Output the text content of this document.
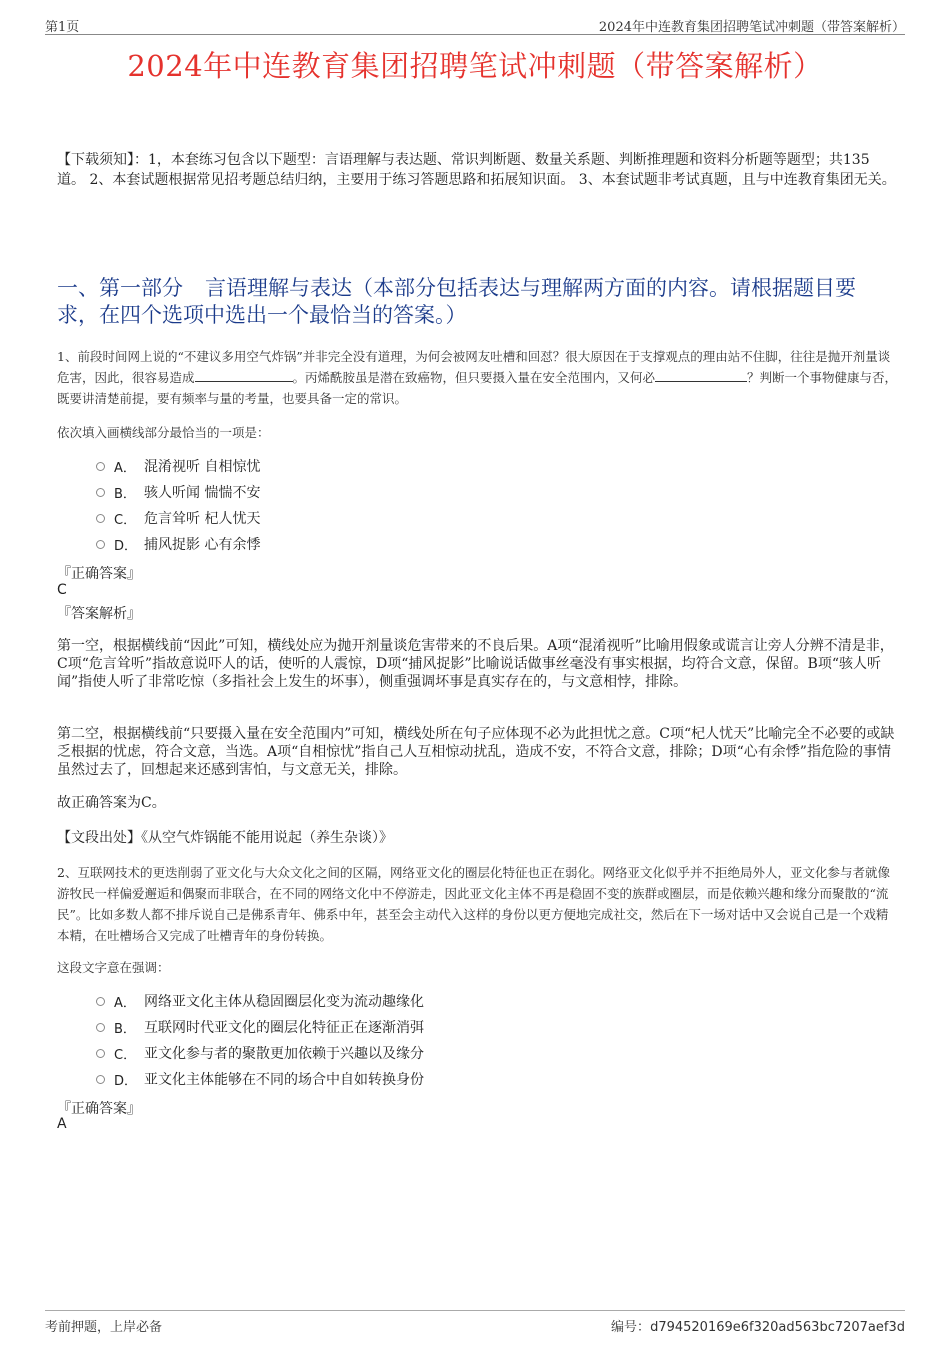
第1页	2024年中连教育集团招聘笔试冲刺题（带答案解析）
2024年中连教育集团招聘笔试冲刺题（带答案解析）
【下载须知】：1，本套练习包含以下题型：言语理解与表达题、常识判断题、数量关系题、判断推理题和资料分析题等题型；共135道。 2、本套试题根据常见招考题总结归纳，主要用于练习答题思路和拓展知识面。 3、本套试题非考试真题，且与中连教育集团无关。
一、第一部分 言语理解与表达（本部分包括表达与理解两方面的内容。请根据题目要求，在四个选项中选出一个最恰当的答案。）
1、前段时间网上说的“不建议多用空气炸锅”并非完全没有道理，为何会被网友吐槽和回怼？很大原因在于支撑观点的理由站不住脚，往往是抛开剂量谈危害，因此，很容易造成	。丙烯酰胺虽是潜在致癌物，但只要摄入量在安全范围内，又何必	？判断一个事物健康与否，既要讲清楚前提，要有频率与量的考量，也要具备一定的常识。
依次填入画横线部分最恰当的一项是：
A． 混淆视听 自相惊忧
B． 骇人听闻 惴惴不安
C． 危言耸听 杞人忧天
D． 捕风捉影 心有余悸
『正确答案』
C
『答案解析』
第一空，根据横线前“因此”可知，横线处应为抛开剂量谈危害带来的不良后果。A项“混淆视听”比喻用假象或谎言让旁人分辨不清是非，C项“危言耸听”指故意说吓人的话，使听的人震惊，D项“捕风捉影”比喻说话做事丝毫没有事实根据，均符合文意，保留。B项“骇人听闻”指使人听了非常吃惊（多指社会上发生的坏事），侧重强调坏事是真实存在的，与文意相悖，排除。
第二空，根据横线前“只要摄入量在安全范围内”可知，横线处所在句子应体现不必为此担忧之意。C项“杞人忧天”比喻完全不必要的或缺乏根据的忧虑，符合文意，当选。A项“自相惊忧”指自己人互相惊动扰乱，造成不安，不符合文意，排除；D项“心有余悸”指危险的事情虽然过去了，回想起来还感到害怕，与文意无关，排除。
故正确答案为C。
【文段出处】《从空气炸锅能不能用说起（养生杂谈）》
2、互联网技术的更迭削弱了亚文化与大众文化之间的区隔，网络亚文化的圈层化特征也正在弱化。网络亚文化似乎并不拒绝局外人，亚文化参与者就像游牧民一样偏爱邂逅和偶聚而非联合，在不同的网络文化中不停游走，因此亚文化主体不再是稳固不变的族群或圈层，而是依赖兴趣和缘分而聚散的“流民”。比如多数人都不排斥说自己是佛系青年、佛系中年，甚至会主动代入这样的身份以更方便地完成社交，然后在下一场对话中又会说自己是一个戏精本精，在吐槽场合又完成了吐槽青年的身份转换。
这段文字意在强调：
A． 网络亚文化主体从稳固圈层化变为流动趣缘化
B． 互联网时代亚文化的圈层化特征正在逐渐消弭
C． 亚文化参与者的聚散更加依赖于兴趣以及缘分
D． 亚文化主体能够在不同的场合中自如转换身份
『正确答案』
A
考前押题，上岸必备	编号：d794520169e6f320ad563bc7207aef3d
